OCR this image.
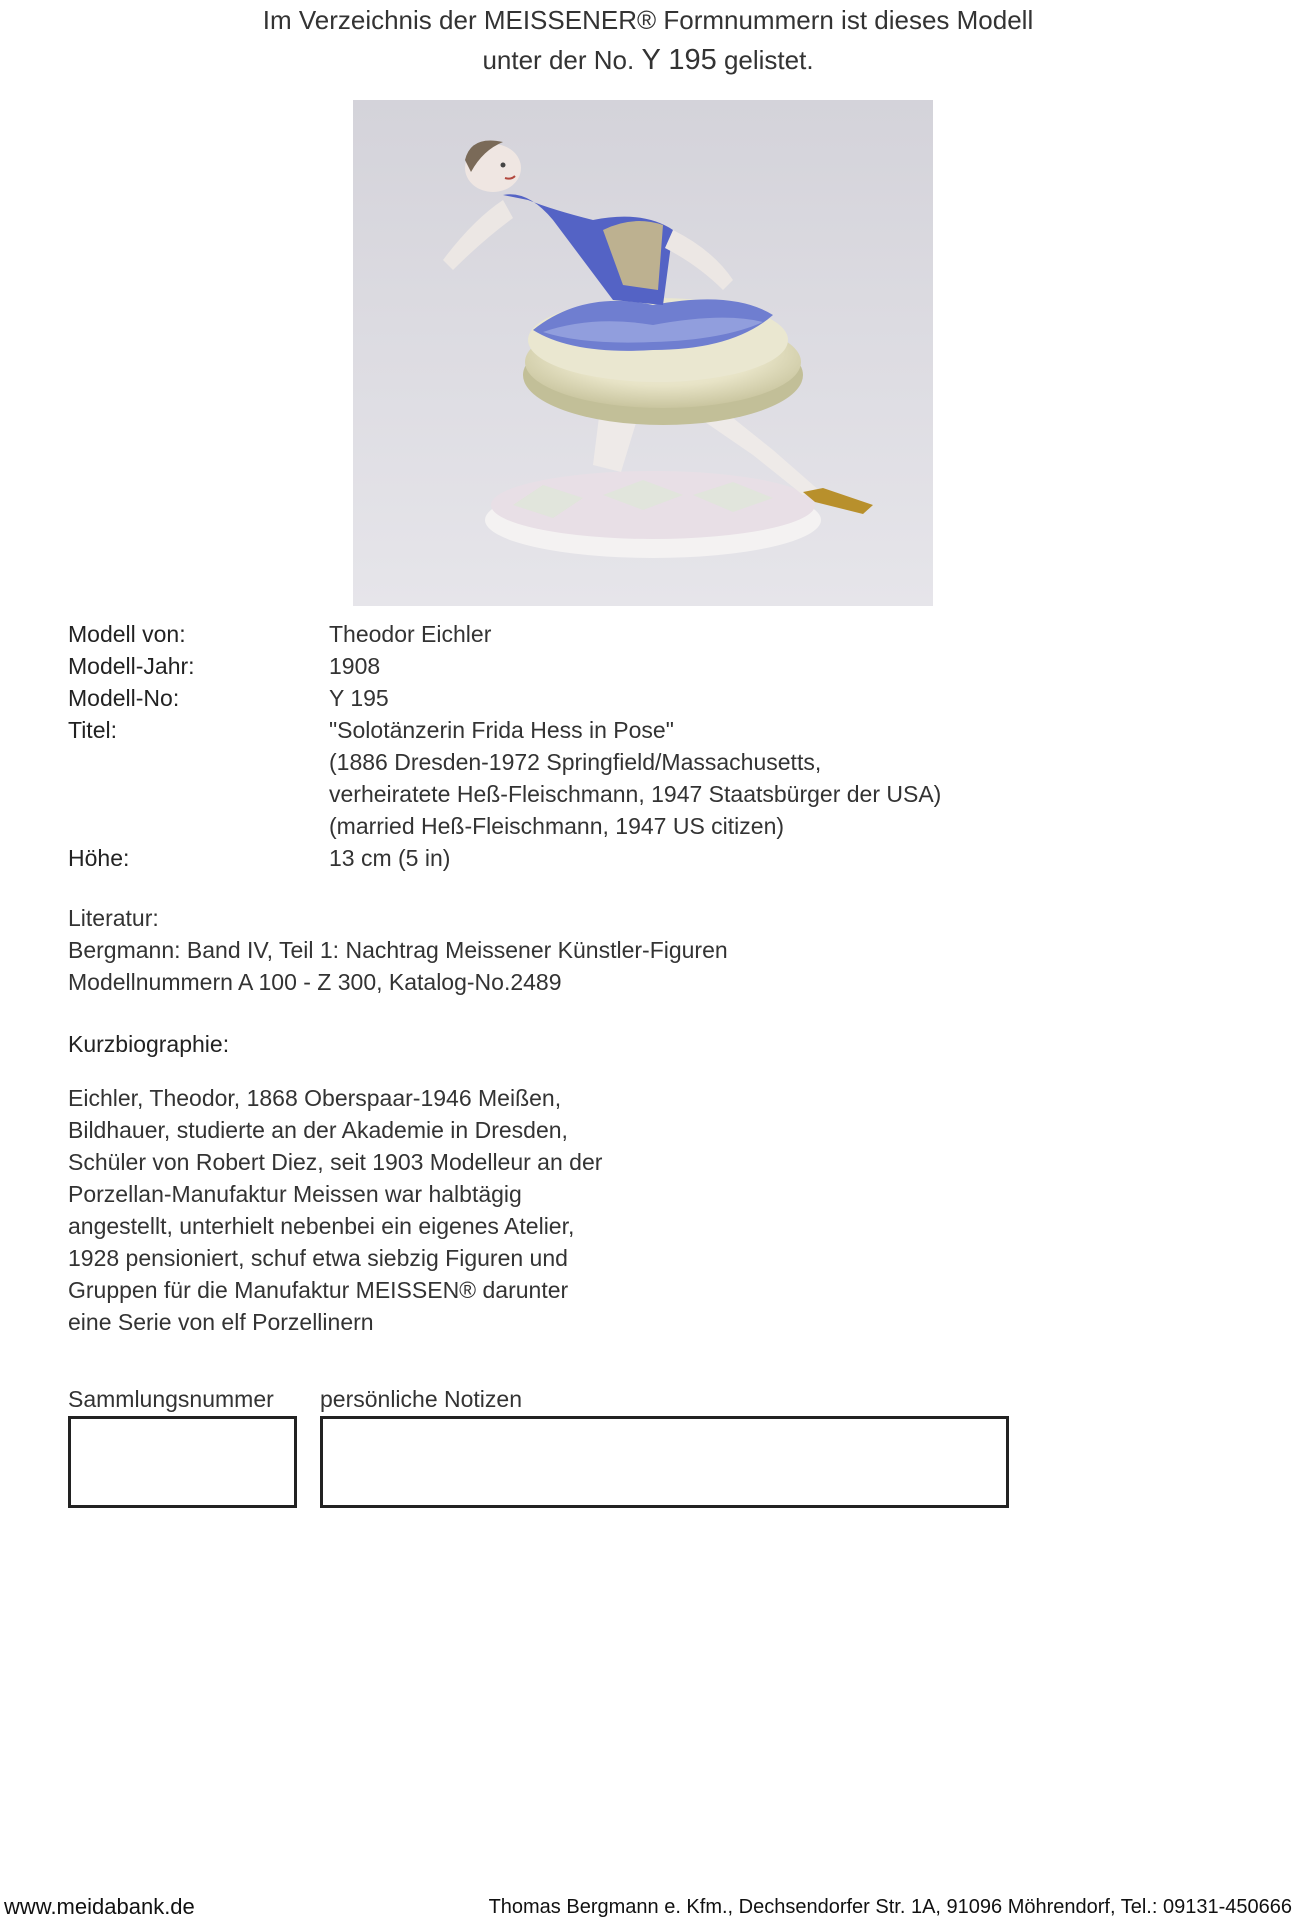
Im Verzeichnis der MEISSENER® Formnummern ist dieses Modell
unter der No. Y 195 gelistet.
Modell von:	Theodor Eichler
Modell-Jahr:	1908
Modell-No:	Y 195
Titel:	"Solotänzerin Frida Hess in Pose"
(1886 Dresden-1972 Springfield/Massachusetts,
verheiratete Heß-Fleischmann, 1947 Staatsbürger der USA)
(married Heß-Fleischmann, 1947 US citizen)
Höhe:	13 cm (5 in)
Literatur:
Bergmann: Band IV, Teil 1: Nachtrag Meissener Künstler-Figuren
Modellnummern A 100 - Z 300, Katalog-No.2489
Kurzbiographie:
Eichler, Theodor, 1868 Oberspaar-1946 Meißen,
Bildhauer, studierte an der Akademie in Dresden,
Schüler von Robert Diez, seit 1903 Modelleur an der
Porzellan-Manufaktur Meissen war halbtägig
angestellt, unterhielt nebenbei ein eigenes Atelier,
1928 pensioniert, schuf etwa siebzig Figuren und
Gruppen für die Manufaktur MEISSEN® darunter
eine Serie von elf Porzellinern
Sammlungsnummer persönliche Notizen
www.meidabank.de	Thomas Bergmann e. Kfm., Dechsendorfer Str. 1A, 91096 Möhrendorf, Tel.: 09131-450666
